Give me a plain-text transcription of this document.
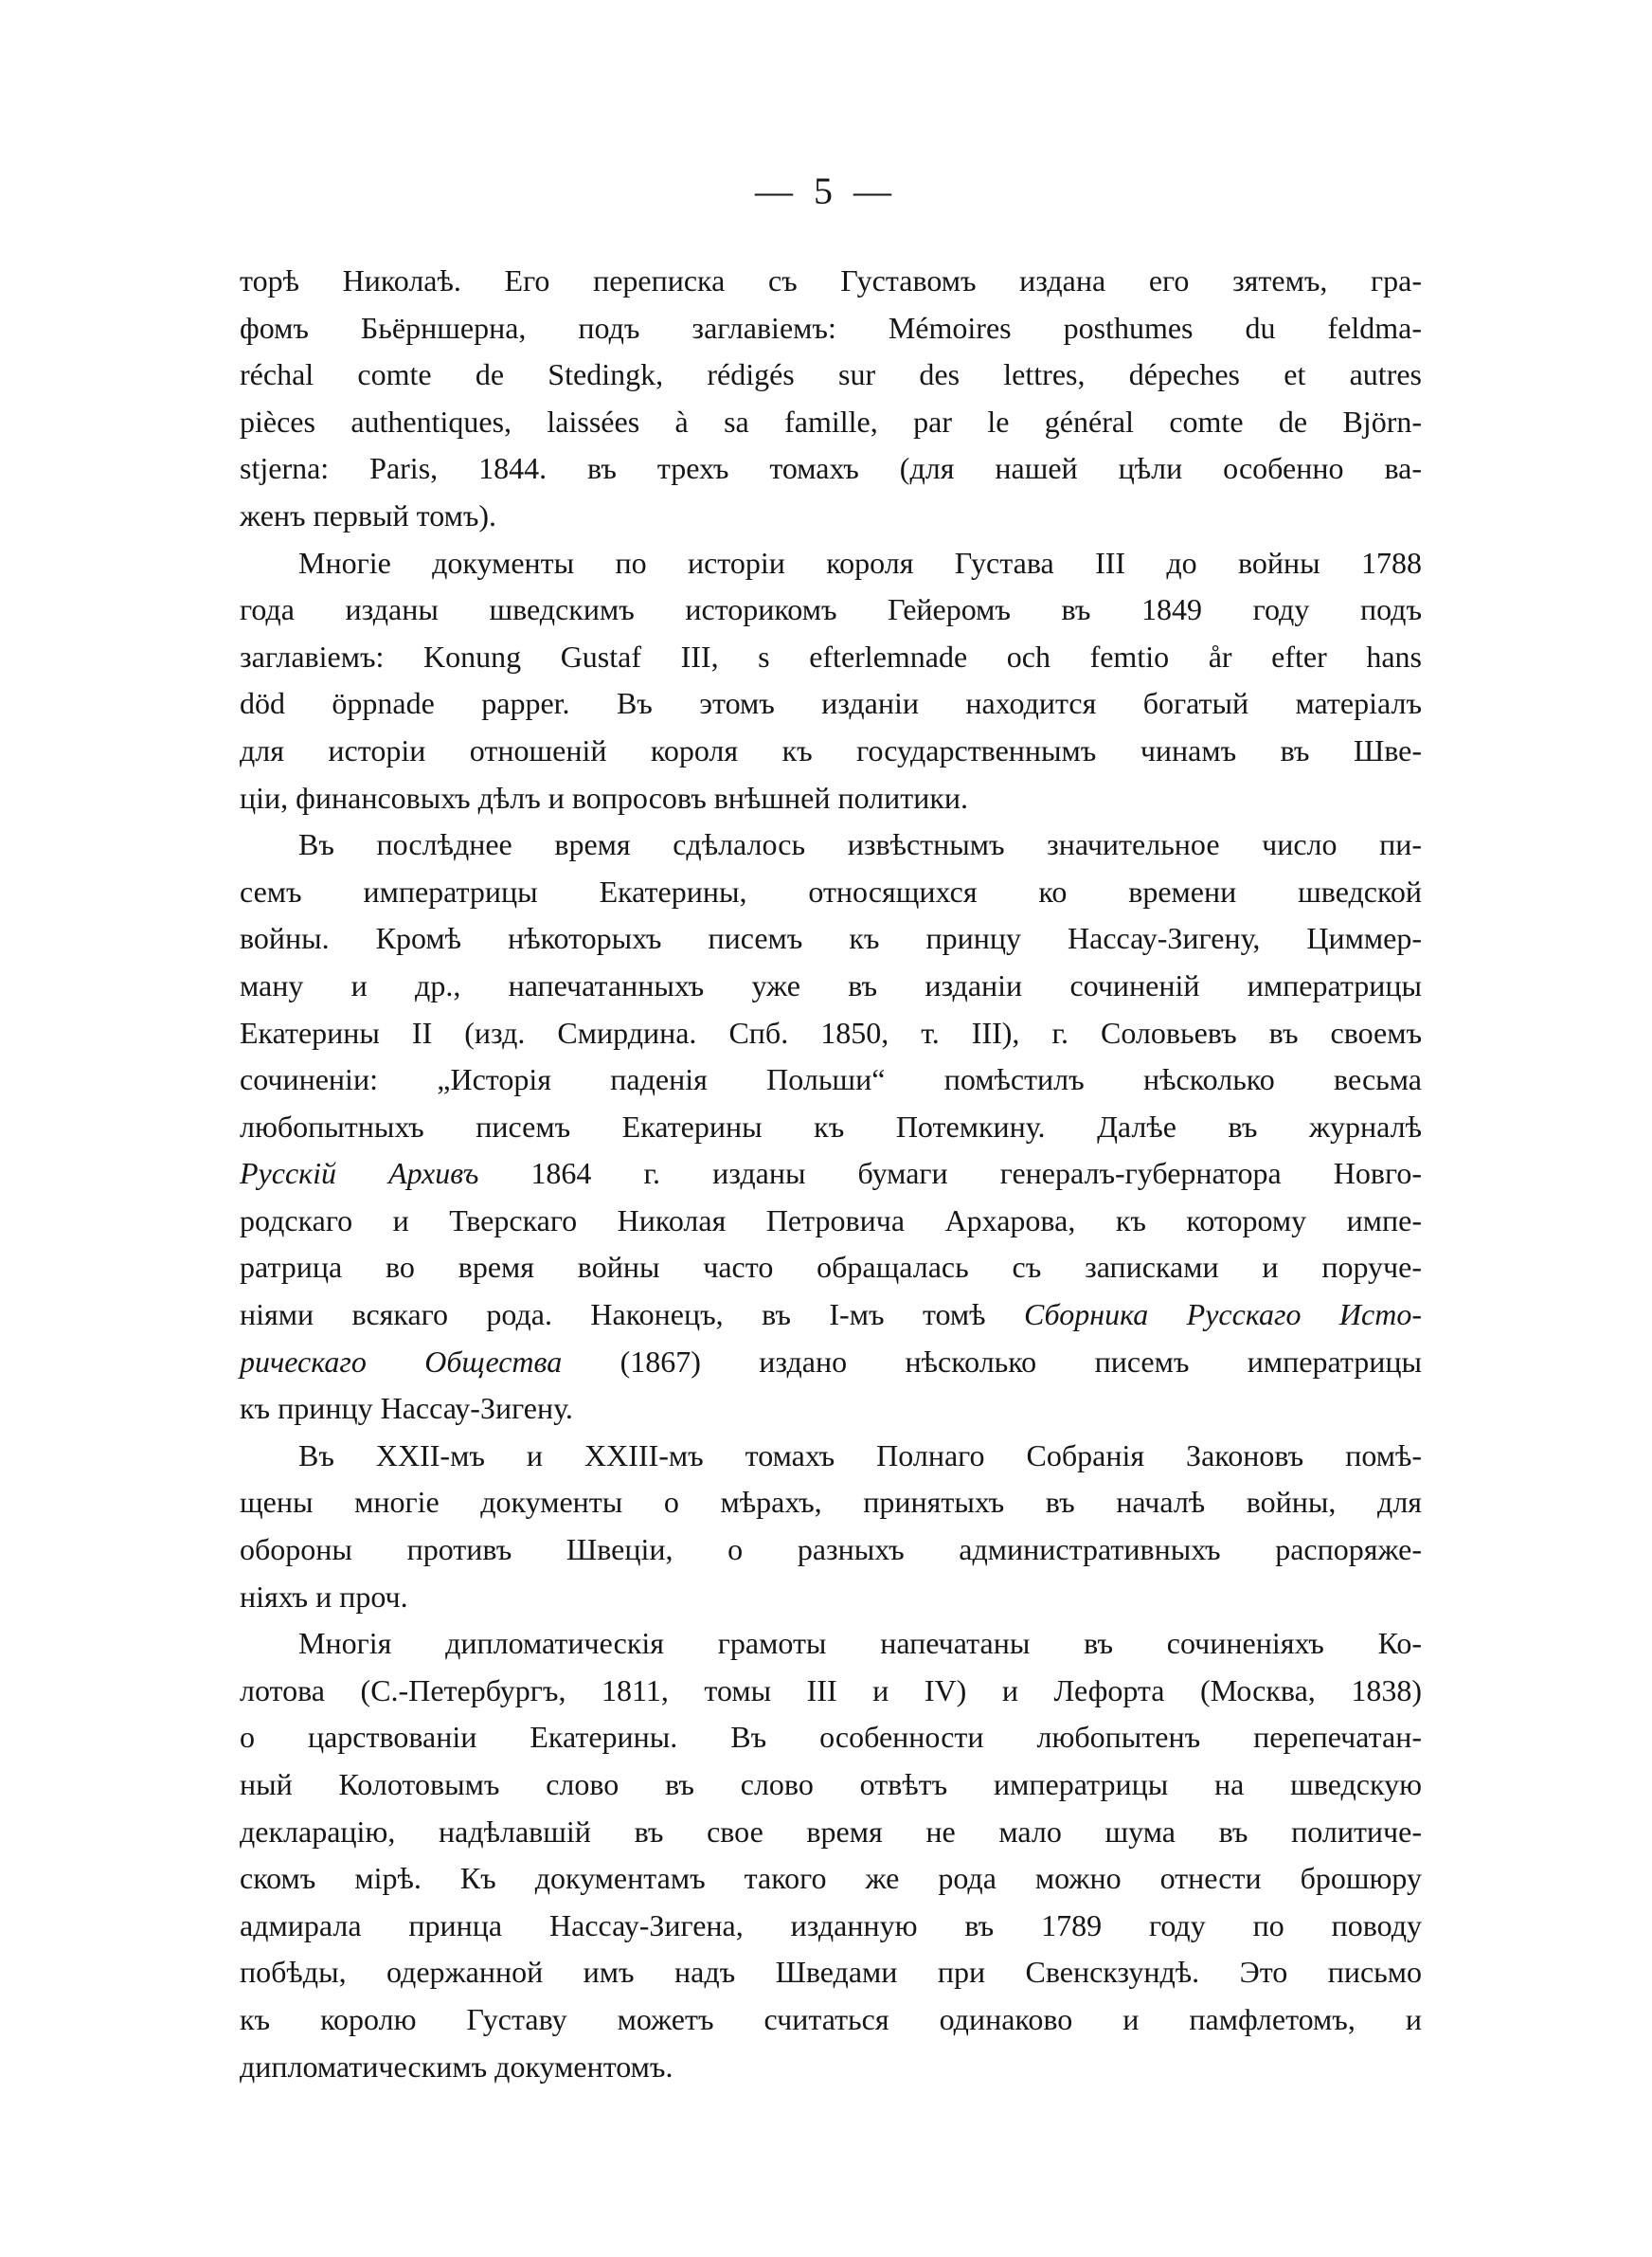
— 5 —
торѣ Николаѣ. Его переписка съ Густавомъ издана его зятемъ, гра-
фомъ Бьёрншерна, подъ заглавіемъ: Mémoires posthumes du feldma-
réchal comte de Stedingk, rédigés sur des lettres, dépeches et autres
pièces authentiques, laissées à sa famille, par le général comte de Björn-
stjerna: Paris, 1844. въ трехъ томахъ (для нашей цѣли особенно ва-
женъ первый томъ).
Многіе документы по исторіи короля Густава III до войны 1788
года изданы шведскимъ историкомъ Гейеромъ въ 1849 году подъ
заглавіемъ: Konung Gustaf III, s efterlemnade och femtio år efter hans
död öppnade papper. Въ этомъ изданіи находится богатый матеріалъ
для исторіи отношеній короля къ государственнымъ чинамъ въ Шве-
ціи, финансовыхъ дѣлъ и вопросовъ внѣшней политики.
Въ послѣднее время сдѣлалось извѣстнымъ значительное число пи-
семъ императрицы Екатерины, относящихся ко времени шведской
войны. Кромѣ нѣкоторыхъ писемъ къ принцу Нассау-Зигену, Циммер-
ману и др., напечатанныхъ уже въ изданіи сочиненій императрицы
Екатерины II (изд. Смирдина. Спб. 1850, т. III), г. Соловьевъ въ своемъ
сочиненіи: „Исторія паденія Польши“ помѣстилъ нѣсколько весьма
любопытныхъ писемъ Екатерины къ Потемкину. Далѣе въ журналѣ
Русскій Архивъ 1864 г. изданы бумаги генералъ-губернатора Новго-
родскаго и Тверскаго Николая Петровича Архарова, къ которому импе-
ратрица во время войны часто обращалась съ записками и поруче-
ніями всякаго рода. Наконецъ, въ I-мъ томѣ Сборника Русскаго Исто-
рическаго Общества (1867) издано нѣсколько писемъ императрицы
къ принцу Нассау-Зигену.
Въ XXII-мъ и XXIII-мъ томахъ Полнаго Собранія Законовъ помѣ-
щены многіе документы о мѣрахъ, принятыхъ въ началѣ войны, для
обороны противъ Швеціи, о разныхъ административныхъ распоряже-
ніяхъ и проч.
Многія дипломатическія грамоты напечатаны въ сочиненіяхъ Ко-
лотова (С.-Петербургъ, 1811, томы III и IV) и Лефорта (Москва, 1838)
о царствованіи Екатерины. Въ особенности любопытенъ перепечатан-
ный Колотовымъ слово въ слово отвѣтъ императрицы на шведскую
декларацію, надѣлавшій въ свое время не мало шума въ политиче-
скомъ мірѣ. Къ документамъ такого же рода можно отнести брошюру
адмирала принца Нассау-Зигена, изданную въ 1789 году по поводу
побѣды, одержанной имъ надъ Шведами при Свенскзундѣ. Это письмо
къ королю Густаву можетъ считаться одинаково и памфлетомъ, и
дипломатическимъ документомъ.
